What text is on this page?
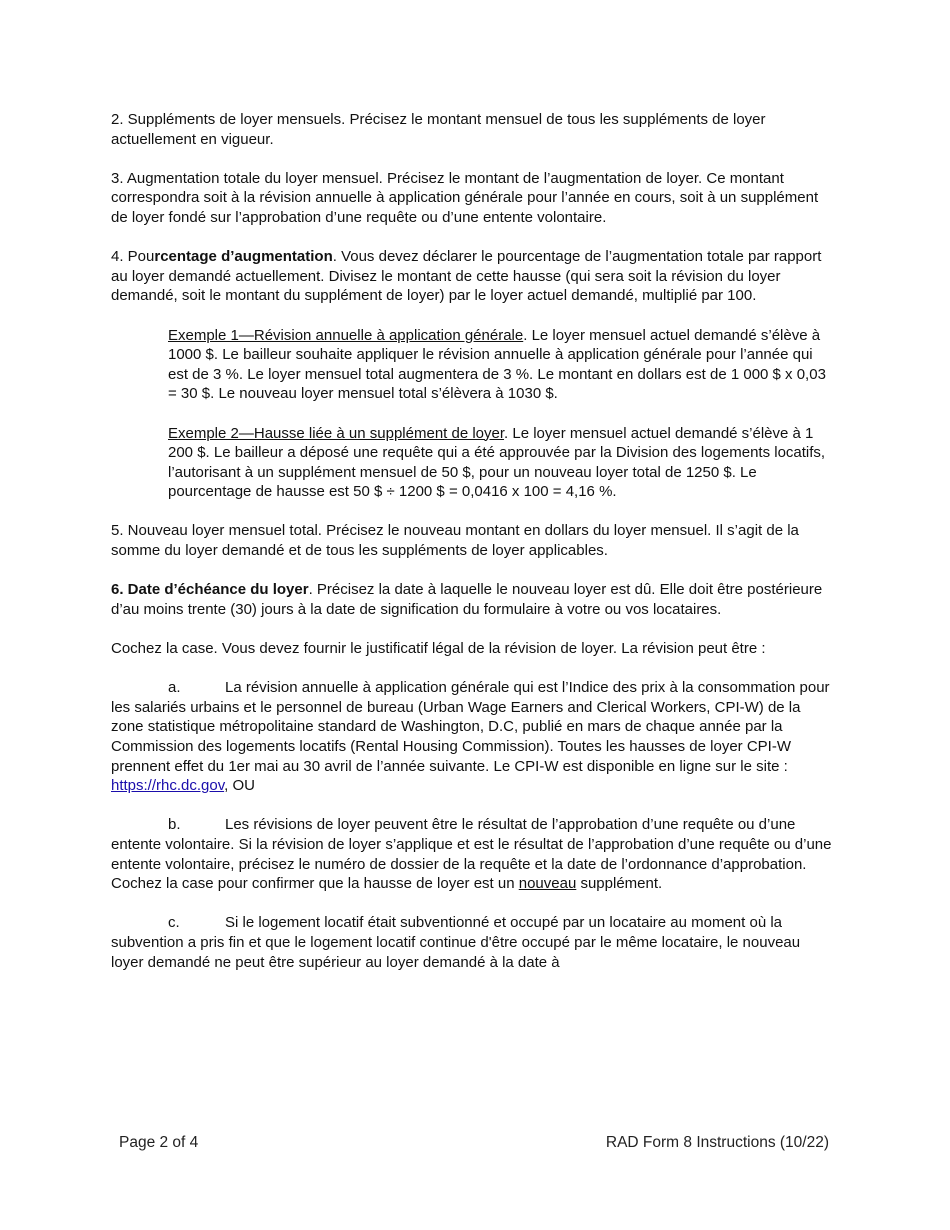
2. Suppléments de loyer mensuels. Précisez le montant mensuel de tous les suppléments de loyer actuellement en vigueur.

3. Augmentation totale du loyer mensuel. Précisez le montant de l’augmentation de loyer. Ce montant correspondra soit à la révision annuelle à application générale pour l’année en cours, soit à un supplément de loyer fondé sur l’approbation d’une requête ou d’une entente volontaire.

4. Pourcentage d’augmentation. Vous devez déclarer le pourcentage de l’augmentation totale par rapport au loyer demandé actuellement. Divisez le montant de cette hausse (qui sera soit la révision du loyer demandé, soit le montant du supplément de loyer) par le loyer actuel demandé, multiplié par 100.

Exemple 1—Révision annuelle à application générale. Le loyer mensuel actuel demandé s’élève à 1000 $. Le bailleur souhaite appliquer le révision annuelle à application générale pour l’année qui est de 3 %. Le loyer mensuel total augmentera de 3 %. Le montant en dollars est de 1 000 $ x 0,03 = 30 $. Le nouveau loyer mensuel total s’élèvera à 1030 $.

Exemple 2—Hausse liée à un supplément de loyer. Le loyer mensuel actuel demandé s’élève à 1 200 $. Le bailleur a déposé une requête qui a été approuvée par la Division des logements locatifs, l’autorisant à un supplément mensuel de 50 $, pour un nouveau loyer total de 1250 $. Le pourcentage de hausse est 50 $ ÷ 1200 $ = 0,0416 x 100 = 4,16 %.

5. Nouveau loyer mensuel total. Précisez le nouveau montant en dollars du loyer mensuel. Il s’agit de la somme du loyer demandé et de tous les suppléments de loyer applicables.

6. Date d’échéance du loyer. Précisez la date à laquelle le nouveau loyer est dû. Elle doit être postérieure d’au moins trente (30) jours à la date de signification du formulaire à votre ou vos locataires.

Cochez la case. Vous devez fournir le justificatif légal de la révision de loyer. La révision peut être :

a.	La révision annuelle à application générale qui est l’Indice des prix à la consommation pour les salariés urbains et le personnel de bureau (Urban Wage Earners and Clerical Workers, CPI-W) de la zone statistique métropolitaine standard de Washington, D.C, publié en mars de chaque année par la Commission des logements locatifs (Rental Housing Commission). Toutes les hausses de loyer CPI-W prennent effet du 1er mai au 30 avril de l’année suivante. Le CPI-W est disponible en ligne sur le site : https://rhc.dc.gov, OU

b.	Les révisions de loyer peuvent être le résultat de l’approbation d’une requête ou d’une entente volontaire. Si la révision de loyer s’applique et est le résultat de l’approbation d’une requête ou d’une entente volontaire, précisez le numéro de dossier de la requête et la date de l’ordonnance d’approbation. Cochez la case pour confirmer que la hausse de loyer est un nouveau supplément.

c.	Si le logement locatif était subventionné et occupé par un locataire au moment où la subvention a pris fin et que le logement locatif continue d'être occupé par le même locataire, le nouveau loyer demandé ne peut être supérieur au loyer demandé à la date à

Page 2 of 4	RAD Form 8 Instructions (10/22)
